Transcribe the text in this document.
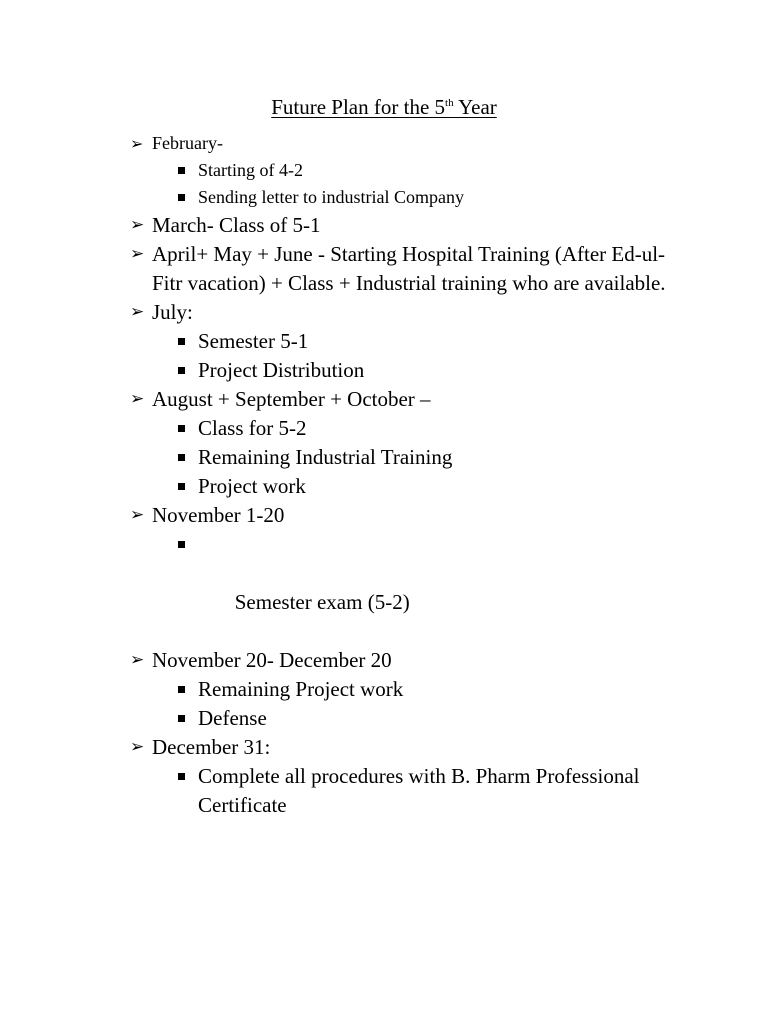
Future Plan for the 5th Year
➢ February-
Starting of 4-2
Sending letter to industrial Company
➢ March- Class of 5-1
➢ April+ May + June - Starting Hospital Training (After Ed-ul-Fitr vacation) + Class + Industrial training who are available.
➢ July:
Semester 5-1
Project Distribution
➢ August + September + October –
Class for 5-2
Remaining Industrial Training
Project work
➢ November 1-20

Semester exam (5-2)

➢ November 20- December 20
Remaining Project work
Defense
➢ December 31:
Complete all procedures with B. Pharm Professional Certificate
